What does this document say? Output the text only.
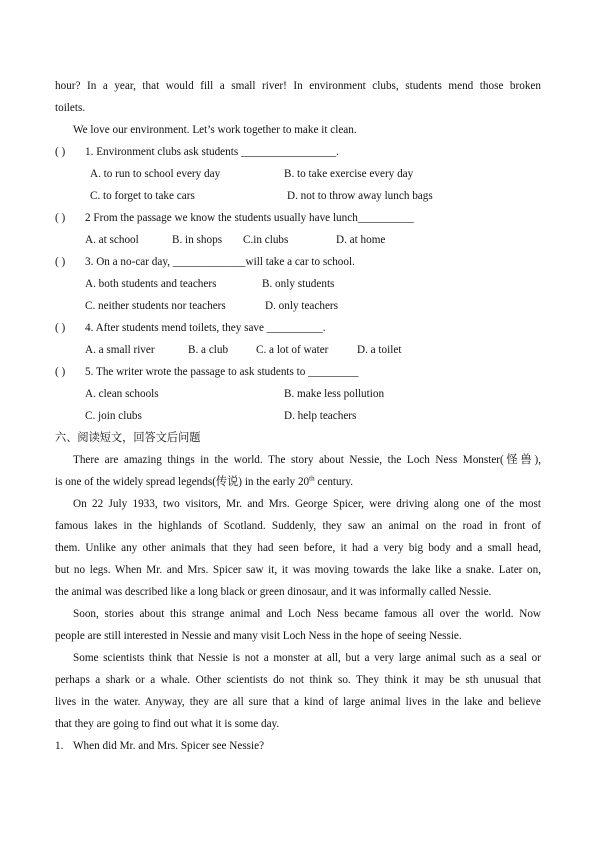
hour? In a year, that would fill a small river! In environment clubs, students mend those broken
toilets.
We love our environment. Let’s work together to make it clean.
( ) 1. Environment clubs ask students _________________.
A. to run to school every day	B. to take exercise every day
C. to forget to take cars	D. not to throw away lunch bags
( ) 2 From the passage we know the students usually have lunch__________
A. at school	B. in shops C.in clubs	D. at home
( ) 3. On a no-car day, _____________will take a car to school.
A. both students and teachers	B. only students
C. neither students nor teachers	D. only teachers
( ) 4. After students mend toilets, they save __________.
A. a small river	B. a club C. a lot of water	D. a toilet
( ) 5. The writer wrote the passage to ask students to _________
A. clean schools	B. make less pollution
C. join clubs	D. help teachers
六、阅读短文，回答文后问题
There are amazing things in the world. The story about Nessie, the Loch Ness Monster(怪兽),
is one of the widely spread legends(传说) in the early 20th century.
On 22 July 1933, two visitors, Mr. and Mrs. George Spicer, were driving along one of the most
famous lakes in the highlands of Scotland. Suddenly, they saw an animal on the road in front of
them. Unlike any other animals that they had seen before, it had a very big body and a small head,
but no legs. When Mr. and Mrs. Spicer saw it, it was moving towards the lake like a snake. Later on,
the animal was described like a long black or green dinosaur, and it was informally called Nessie.
Soon, stories about this strange animal and Loch Ness became famous all over the world. Now
people are still interested in Nessie and many visit Loch Ness in the hope of seeing Nessie.
Some scientists think that Nessie is not a monster at all, but a very large animal such as a seal or
perhaps a shark or a whale. Other scientists do not think so. They think it may be sth unusual that
lives in the water. Anyway, they are all sure that a kind of large animal lives in the lake and believe
that they are going to find out what it is some day.
1. When did Mr. and Mrs. Spicer see Nessie?
